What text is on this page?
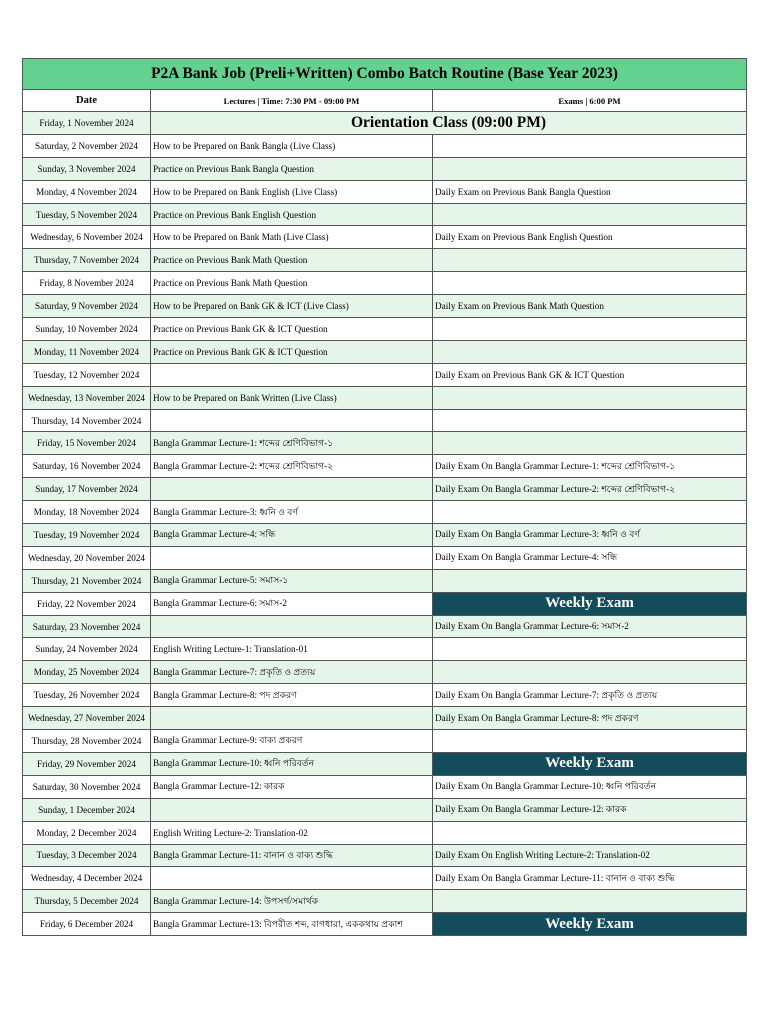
P2A Bank Job (Preli+Written) Combo Batch Routine (Base Year 2023)		
Date	Lectures | Time: 7:30 PM - 09:00 PM	Exams | 6:00 PM
Friday, 1 November 2024	Orientation Class (09:00 PM)	
Saturday, 2 November 2024	How to be Prepared on Bank Bangla (Live Class)	
Sunday, 3 November 2024	Practice on Previous Bank Bangla Question	
Monday, 4 November 2024	How to be Prepared on Bank English (Live Class)	Daily Exam on Previous Bank Bangla Question
Tuesday, 5 November 2024	Practice on Previous Bank English Question	
Wednesday, 6 November 2024	How to be Prepared on Bank Math (Live Class)	Daily Exam on Previous Bank English Question
Thursday, 7 November 2024	Practice on Previous Bank Math Question	
Friday, 8 November 2024	Practice on Previous Bank Math Question	
Saturday, 9 November 2024	How to be Prepared on Bank GK & ICT (Live Class)	Daily Exam on Previous Bank Math Question
Sunday, 10 November 2024	Practice on Previous Bank GK & ICT Question	
Monday, 11 November 2024	Practice on Previous Bank GK & ICT Question	
Tuesday, 12 November 2024		Daily Exam on Previous Bank GK & ICT Question
Wednesday, 13 November 2024	How to be Prepared on Bank Written (Live Class)	
Thursday, 14 November 2024		
Friday, 15 November 2024	Bangla Grammar Lecture-1: শব্দের শ্রেণিবিভাগ-১	
Saturday, 16 November 2024	Bangla Grammar Lecture-2: শব্দের শ্রেণিবিভাগ-২	Daily Exam On Bangla Grammar Lecture-1: শব্দের শ্রেণিবিভাগ-১
Sunday, 17 November 2024		Daily Exam On Bangla Grammar Lecture-2: শব্দের শ্রেণিবিভাগ-২
Monday, 18 November 2024	Bangla Grammar Lecture-3: ধ্বনি ও বর্ণ	
Tuesday, 19 November 2024	Bangla Grammar Lecture-4: সন্ধি	Daily Exam On Bangla Grammar Lecture-3: ধ্বনি ও বর্ণ
Wednesday, 20 November 2024		Daily Exam On Bangla Grammar Lecture-4: সন্ধি
Thursday, 21 November 2024	Bangla Grammar Lecture-5: সমাস-১	
Friday, 22 November 2024	Bangla Grammar Lecture-6: সমাস-2	Weekly Exam
Saturday, 23 November 2024		Daily Exam On Bangla Grammar Lecture-6: সমাস-2
Sunday, 24 November 2024	English Writing Lecture-1: Translation-01	
Monday, 25 November 2024	Bangla Grammar Lecture-7: প্রকৃতি ও প্রত্যয়	
Tuesday, 26 November 2024	Bangla Grammar Lecture-8: পদ প্রকরণ	Daily Exam On Bangla Grammar Lecture-7: প্রকৃতি ও প্রত্যয়
Wednesday, 27 November 2024		Daily Exam On Bangla Grammar Lecture-8: পদ প্রকরণ
Thursday, 28 November 2024	Bangla Grammar Lecture-9: বাক্য প্রকরণ	
Friday, 29 November 2024	Bangla Grammar Lecture-10: ধ্বনি পরিবর্তন	Weekly Exam
Saturday, 30 November 2024	Bangla Grammar Lecture-12: কারক	Daily Exam On Bangla Grammar Lecture-10: ধ্বনি পরিবর্তন
Sunday, 1 December 2024		Daily Exam On Bangla Grammar Lecture-12: কারক
Monday, 2 December 2024	English Writing Lecture-2: Translation-02	
Tuesday, 3 December 2024	Bangla Grammar Lecture-11: বানান ও বাক্য শুদ্ধি	Daily Exam On English Writing Lecture-2: Translation-02
Wednesday, 4 December 2024		Daily Exam On Bangla Grammar Lecture-11: বানান ও বাক্য শুদ্ধি
Thursday, 5 December 2024	Bangla Grammar Lecture-14: উপসর্গ/সমার্থক	
Friday, 6 December 2024	Bangla Grammar Lecture-13: বিপরীত শব্দ, বাগধারা, এককথায় প্রকাশ	Weekly Exam
